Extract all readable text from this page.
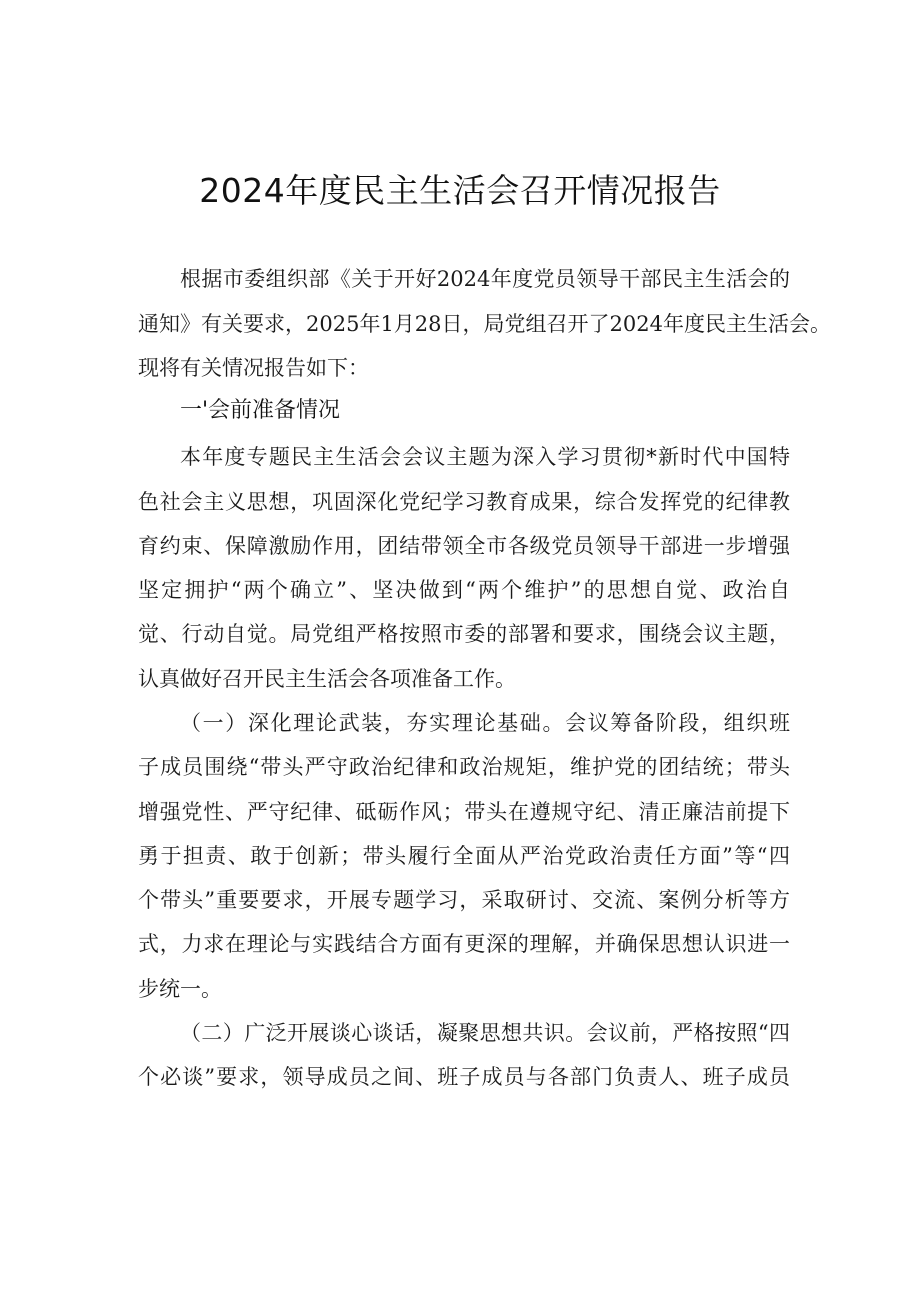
2024年度民主生活会召开情况报告
根据市委组织部《关于开好2024年度党员领导干部民主生活会的
通知》有关要求，2025年1月28日，局党组召开了2024年度民主生活会。
现将有关情况报告如下：
一'会前准备情况
本年度专题民主生活会会议主题为深入学习贯彻*新时代中国特
色社会主义思想，巩固深化党纪学习教育成果，综合发挥党的纪律教
育约束、保障激励作用，团结带领全市各级党员领导干部进一步增强
坚定拥护“两个确立”、坚决做到“两个维护”的思想自觉、政治自
觉、行动自觉。局党组严格按照市委的部署和要求，围绕会议主题，
认真做好召开民主生活会各项准备工作。
（一）深化理论武装，夯实理论基础。会议筹备阶段，组织班
子成员围绕“带头严守政治纪律和政治规矩，维护党的团结统；带头
增强党性、严守纪律、砥砺作风；带头在遵规守纪、清正廉洁前提下
勇于担责、敢于创新；带头履行全面从严治党政治责任方面”等“四
个带头”重要要求，开展专题学习，采取研讨、交流、案例分析等方
式，力求在理论与实践结合方面有更深的理解，并确保思想认识进一
步统一。
（二）广泛开展谈心谈话，凝聚思想共识。会议前，严格按照“四
个必谈”要求，领导成员之间、班子成员与各部门负责人、班子成员
